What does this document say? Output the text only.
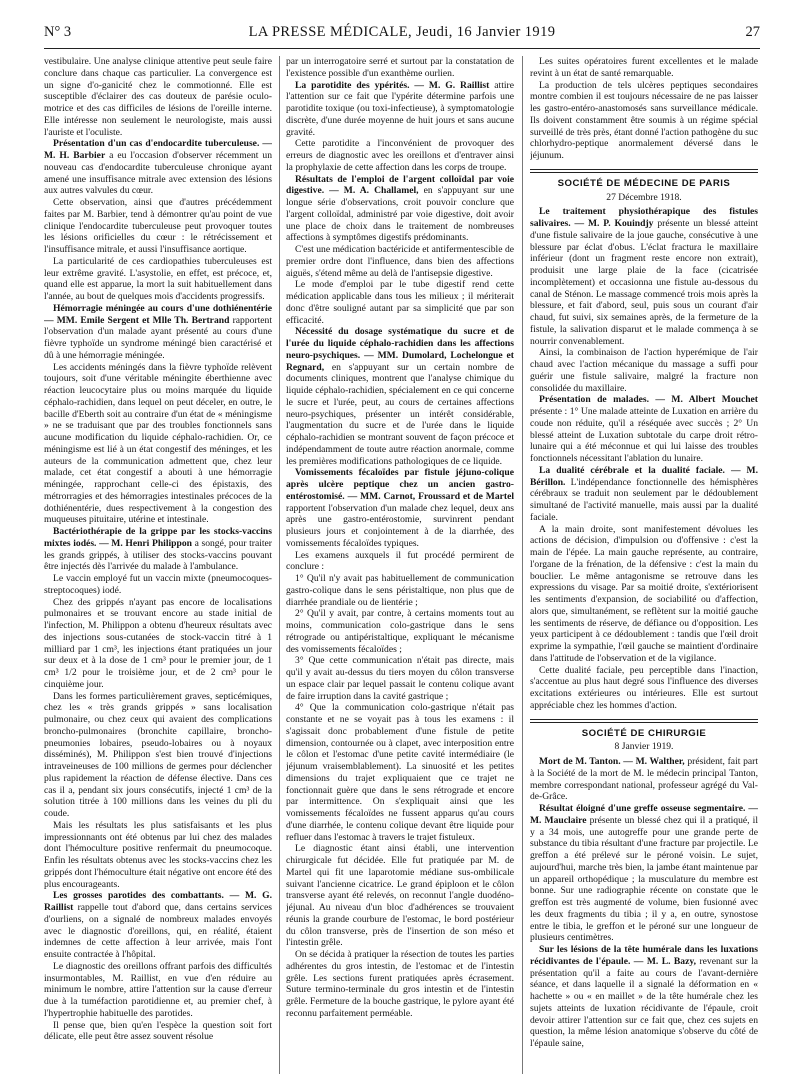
N° 3	LA PRESSE MÉDICALE, Jeudi, 16 Janvier 1919	27

vestibulaire. Une analyse clinique attentive peut seule faire conclure dans chaque cas particulier. La convergence est un signe d'o-ganicité chez le commotionné. Elle est susceptible d'éclairer des cas douteux de parésie oculo-motrice et des cas difficiles de lésions de l'oreille interne. Elle intéresse non seulement le neurologiste, mais aussi l'auriste et l'oculiste.

Présentation d'un cas d'endocardite tuberculeuse. — M. H. Barbier a eu l'occasion d'observer récemment un nouveau cas d'endocardite tuberculeuse chronique ayant amené une insuffisance mitrale avec extension des lésions aux autres valvules du cœur.

Cette observation, ainsi que d'autres précédemment faites par M. Barbier, tend à démontrer qu'au point de vue clinique l'endocardite tuberculeuse peut provoquer toutes les lésions orificielles du cœur : le rétrécissement et l'insuffisance mitrale, et aussi l'insuffisance aortique.

La particularité de ces cardiopathies tuberculeuses est leur extrême gravité. L'asystolie, en effet, est précoce, et, quand elle est apparue, la mort la suit habituellement dans l'année, au bout de quelques mois d'accidents progressifs.

Hémorragie méningée au cours d'une dothiénentérie — MM. Emile Sergent et Mlle Th. Bertrand rapportent l'observation d'un malade ayant présenté au cours d'une fièvre typhoïde un syndrome méningé bien caractérisé et dû à une hémorragie méningée.

Les accidents méningés dans la fièvre typhoïde relèvent toujours, soit d'une véritable méningite éberthienne avec réaction leucocytaire plus ou moins marquée du liquide céphalo-rachidien, dans lequel on peut déceler, en outre, le bacille d'Eberth soit au contraire d'un état de « méningisme » ne se traduisant que par des troubles fonctionnels sans aucune modification du liquide céphalo-rachidien. Or, ce méningisme est lié à un état congestif des méninges, et les auteurs de la communication admettent que, chez leur malade, cet état congestif a abouti à une hémorragie méningée, rapprochant celle-ci des épistaxis, des métrorragies et des hémorragies intestinales précoces de la dothiénentérie, dues respectivement à la congestion des muqueuses pituitaire, utérine et intestinale.

Bactériothérapie de la grippe par les stocks-vaccins mixtes iodés. — M. Henri Philippon a songé, pour traiter les grands grippés, à utiliser des stocks-vaccins pouvant être injectés dès l'arrivée du malade à l'ambulance.

Le vaccin employé fut un vaccin mixte (pneumocoques-streptocoques) iodé.

Chez des grippés n'ayant pas encore de localisations pulmonaires et se trouvant encore au stade initial de l'infection, M. Philippon a obtenu d'heureux résultats avec des injections sous-cutanées de stock-vaccin titré à 1 milliard par 1 cm³, les injections étant pratiquées un jour sur deux et à la dose de 1 cm³ pour le premier jour, de 1 cm³ 1/2 pour le troisième jour, et de 2 cm³ pour le cinquième jour.

Dans les formes particulièrement graves, septicémiques, chez les « très grands grippés » sans localisation pulmonaire, ou chez ceux qui avaient des complications broncho-pulmonaires (bronchite capillaire, broncho-pneumonies lobaires, pseudo-lobaires ou à noyaux disséminés), M. Philippon s'est bien trouvé d'injections intraveineuses de 100 millions de germes pour déclencher plus rapidement la réaction de défense élective. Dans ces cas il a, pendant six jours consécutifs, injecté 1 cm³ de la solution titrée à 100 millions dans les veines du pli du coude.

Mais les résultats les plus satisfaisants et les plus impressionnants ont été obtenus par lui chez des malades dont l'hémoculture positive renfermait du pneumocoque. Enfin les résultats obtenus avec les stocks-vaccins chez les grippés dont l'hémoculture était négative ont encore été des plus encourageants.

Les grosses parotides des combattants. — M. G. Raillist rappelle tout d'abord que, dans certains services d'ourliens, on a signalé de nombreux malades envoyés avec le diagnostic d'oreillons, qui, en réalité, étaient indemnes de cette affection à leur arrivée, mais l'ont ensuite contractée à l'hôpital.

Le diagnostic des oreillons offrant parfois des difficultés insurmontables, M. Raillist, en vue d'en réduire au minimum le nombre, attire l'attention sur la cause d'erreur due à la tuméfaction parotidienne et, au premier chef, à l'hypertrophie habituelle des parotides.

Il pense que, bien qu'en l'espèce la question soit fort délicate, elle peut être assez souvent résolue

par un interrogatoire serré et surtout par la constatation de l'existence possible d'un exanthème ourlien.

La parotidite des ypérités. — M. G. Raillist attire l'attention sur ce fait que l'ypérite détermine parfois une parotidite toxique (ou toxi-infectieuse), à symptomatologie discrète, d'une durée moyenne de huit jours et sans aucune gravité.

Cette parotidite a l'inconvénient de provoquer des erreurs de diagnostic avec les oreillons et d'entraver ainsi la prophylaxie de cette affection dans les corps de troupe.

Résultats de l'emploi de l'argent colloïdal par voie digestive. — M. A. Challamel, en s'appuyant sur une longue série d'observations, croit pouvoir conclure que l'argent colloïdal, administré par voie digestive, doit avoir une place de choix dans le traitement de nombreuses affections à symptômes digestifs prédominants.

C'est une médication bactéricide et antifermentescible de premier ordre dont l'influence, dans bien des affections aiguës, s'étend même au delà de l'antisepsie digestive.

Le mode d'emploi par le tube digestif rend cette médication applicable dans tous les milieux ; il mériterait donc d'être souligné autant par sa simplicité que par son efficacité.

Nécessité du dosage systématique du sucre et de l'urée du liquide céphalo-rachidien dans les affections neuro-psychiques. — MM. Dumolard, Lochelongue et Regnard, en s'appuyant sur un certain nombre de documents cliniques, montrent que l'analyse chimique du liquide céphalo-rachidien, spécialement en ce qui concerne le sucre et l'urée, peut, au cours de certaines affections neuro-psychiques, présenter un intérêt considérable, l'augmentation du sucre et de l'urée dans le liquide céphalo-rachidien se montrant souvent de façon précoce et indépendamment de toute autre réaction anormale, comme les premières modifications pathologiques de ce liquide.

Vomissements fécaloïdes par fistule jéjuno-colique après ulcère peptique chez un ancien gastro-entérostomisé. — MM. Carnot, Froussard et de Martel rapportent l'observation d'un malade chez lequel, deux ans après une gastro-entérostomie, survinrent pendant plusieurs jours et conjointement à de la diarrhée, des vomissements fécaloïdes typiques.

Les examens auxquels il fut procédé permirent de conclure :

1° Qu'il n'y avait pas habituellement de communication gastro-colique dans le sens péristaltique, non plus que de diarrhée prandiale ou de lientérie ;

2° Qu'il y avait, par contre, à certains moments tout au moins, communication colo-gastrique dans le sens rétrograde ou antipéristaltique, expliquant le mécanisme des vomissements fécaloïdes ;

3° Que cette communication n'était pas directe, mais qu'il y avait au-dessus du tiers moyen du côlon transverse un espace clair par lequel passait le contenu colique avant de faire irruption dans la cavité gastrique ;

4° Que la communication colo-gastrique n'était pas constante et ne se voyait pas à tous les examens : il s'agissait donc probablement d'une fistule de petite dimension, contournée ou à clapet, avec interposition entre le côlon et l'estomac d'une petite cavité intermédiaire (le jéjunum vraisemblablement). La sinuosité et les petites dimensions du trajet expliquaient que ce trajet ne fonctionnait guère que dans le sens rétrograde et encore par intermittence. On s'expliquait ainsi que les vomissements fécaloïdes ne fussent apparus qu'au cours d'une diarrhée, le contenu colique devant être liquide pour refluer dans l'estomac à travers le trajet fistuleux.

Le diagnostic étant ainsi établi, une intervention chirurgicale fut décidée. Elle fut pratiquée par M. de Martel qui fit une laparotomie médiane sus-ombilicale suivant l'ancienne cicatrice. Le grand épiploon et le côlon transverse ayant été relevés, on reconnut l'angle duodéno-jéjunal. Au niveau d'un bloc d'adhérences se trouvaient réunis la grande courbure de l'estomac, le bord postérieur du côlon transverse, près de l'insertion de son méso et l'intestin grêle.

On se décida à pratiquer la résection de toutes les parties adhérentes du gros intestin, de l'estomac et de l'intestin grêle. Les sections furent pratiquées après écrasement. Suture termino-terminale du gros intestin et de l'intestin grêle. Fermeture de la bouche gastrique, le pylore ayant été reconnu parfaitement perméable.

Les suites opératoires furent excellentes et le malade revint à un état de santé remarquable.

La production de tels ulcères peptiques secondaires montre combien il est toujours nécessaire de ne pas laisser les gastro-entéro-anastomosés sans surveillance médicale. Ils doivent constamment être soumis à un régime spécial surveillé de très près, étant donné l'action pathogène du suc chlorhydro-peptique anormalement déversé dans le jéjunum.

SOCIÉTÉ DE MÉDECINE DE PARIS
27 Décembre 1918.

Le traitement physiothérapique des fistules salivaires. — M. P. Kouindjy présente un blessé atteint d'une fistule salivaire de la joue gauche, consécutive à une blessure par éclat d'obus. L'éclat fractura le maxillaire inférieur (dont un fragment reste encore non extrait), produisit une large plaie de la face (cicatrisée incomplètement) et occasionna une fistule au-dessous du canal de Sténon. Le massage commencé trois mois après la blessure, et fait d'abord, seul, puis sous un courant d'air chaud, fut suivi, six semaines après, de la fermeture de la fistule, la salivation disparut et le malade commença à se nourrir convenablement.

Ainsi, la combinaison de l'action hyperémique de l'air chaud avec l'action mécanique du massage a suffi pour guérir une fistule salivaire, malgré la fracture non consolidée du maxillaire.

Présentation de malades. — M. Albert Mouchet présente : 1° Une malade atteinte de Luxation en arrière du coude non réduite, qu'il a réséquée avec succès ; 2° Un blessé atteint de Luxation subtotale du carpe droit rétro-lunaire qui a été méconnue et qui lui laisse des troubles fonctionnels nécessitant l'ablation du lunaire.

La dualité cérébrale et la dualité faciale. — M. Bérillon. L'indépendance fonctionnelle des hémisphères cérébraux se traduit non seulement par le dédoublement simultané de l'activité manuelle, mais aussi par la dualité faciale.

A la main droite, sont manifestement dévolues les actions de décision, d'impulsion ou d'offensive : c'est la main de l'épée. La main gauche représente, au contraire, l'organe de la frénation, de la défensive : c'est la main du bouclier. Le même antagonisme se retrouve dans les expressions du visage. Par sa moitié droite, s'extériorisent les sentiments d'expansion, de sociabilité ou d'affection, alors que, simultanément, se reflètent sur la moitié gauche les sentiments de réserve, de défiance ou d'opposition. Les yeux participent à ce dédoublement : tandis que l'œil droit exprime la sympathie, l'œil gauche se maintient d'ordinaire dans l'attitude de l'observation et de la vigilance.

Cette dualité faciale, peu perceptible dans l'inaction, s'accentue au plus haut degré sous l'influence des diverses excitations extérieures ou intérieures. Elle est surtout appréciable chez les hommes d'action.

SOCIÉTÉ DE CHIRURGIE
8 Janvier 1919.

Mort de M. Tanton. — M. Walther, président, fait part à la Société de la mort de M. le médecin principal Tanton, membre correspondant national, professeur agrégé du Val-de-Grâce.

Résultat éloigné d'une greffe osseuse segmentaire. — M. Mauclaire présente un blessé chez qui il a pratiqué, il y a 34 mois, une autogreffe pour une grande perte de substance du tibia résultant d'une fracture par projectile. Le greffon a été prélevé sur le péroné voisin. Le sujet, aujourd'hui, marche très bien, la jambe étant maintenue par un appareil orthopédique ; la musculature du membre est bonne. Sur une radiographie récente on constate que le greffon est très augmenté de volume, bien fusionné avec les deux fragments du tibia ; il y a, en outre, synostose entre le tibia, le greffon et le péroné sur une longueur de plusieurs centimètres.

Sur les lésions de la tête humérale dans les luxations récidivantes de l'épaule. — M. L. Bazy, revenant sur la présentation qu'il a faite au cours de l'avant-dernière séance, et dans laquelle il a signalé la déformation en « hachette » ou « en maillet » de la tête humérale chez les sujets atteints de luxation récidivante de l'épaule, croit devoir attirer l'attention sur ce fait que, chez ces sujets en question, la même lésion anatomique s'observe du côté de l'épaule saine,
